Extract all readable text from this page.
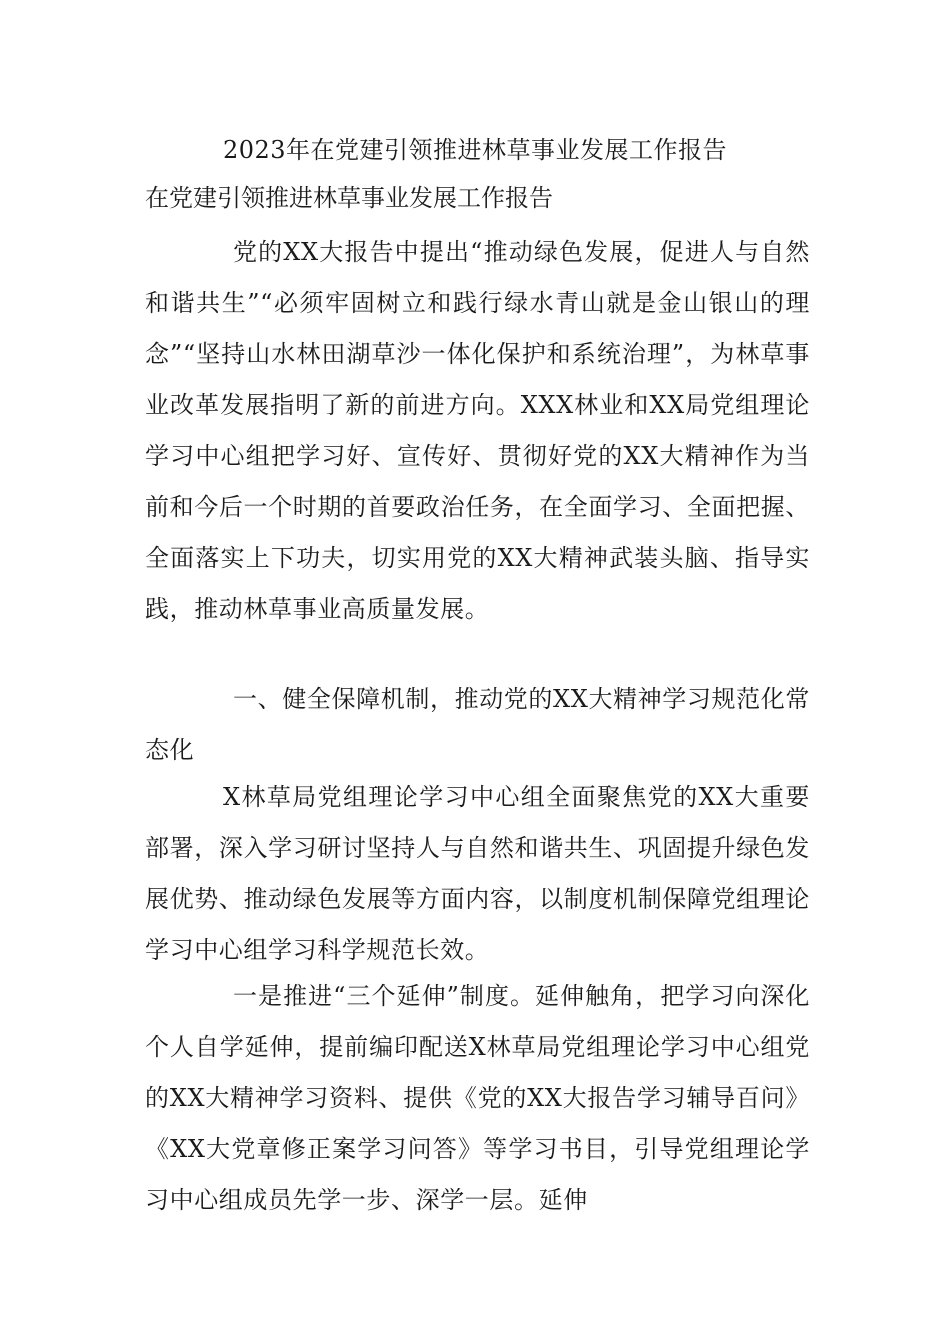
2023年在党建引领推进林草事业发展工作报告
在党建引领推进林草事业发展工作报告

党的XX大报告中提出“推动绿色发展，促进人与自然和谐共生”“必须牢固树立和践行绿水青山就是金山银山的理念”“坚持山水林田湖草沙一体化保护和系统治理”，为林草事业改革发展指明了新的前进方向。XXX林业和XX局党组理论学习中心组把学习好、宣传好、贯彻好党的XX大精神作为当前和今后一个时期的首要政治任务，在全面学习、全面把握、全面落实上下功夫，切实用党的XX大精神武装头脑、指导实践，推动林草事业高质量发展。

一、健全保障机制，推动党的XX大精神学习规范化常态化

X林草局党组理论学习中心组全面聚焦党的XX大重要部署，深入学习研讨坚持人与自然和谐共生、巩固提升绿色发展优势、推动绿色发展等方面内容，以制度机制保障党组理论学习中心组学习科学规范长效。

一是推进“三个延伸”制度。延伸触角，把学习向深化个人自学延伸，提前编印配送X林草局党组理论学习中心组党的XX大精神学习资料、提供《党的XX大报告学习辅导百问》《XX大党章修正案学习问答》等学习书目，引导党组理论学习中心组成员先学一步、深学一层。延伸
